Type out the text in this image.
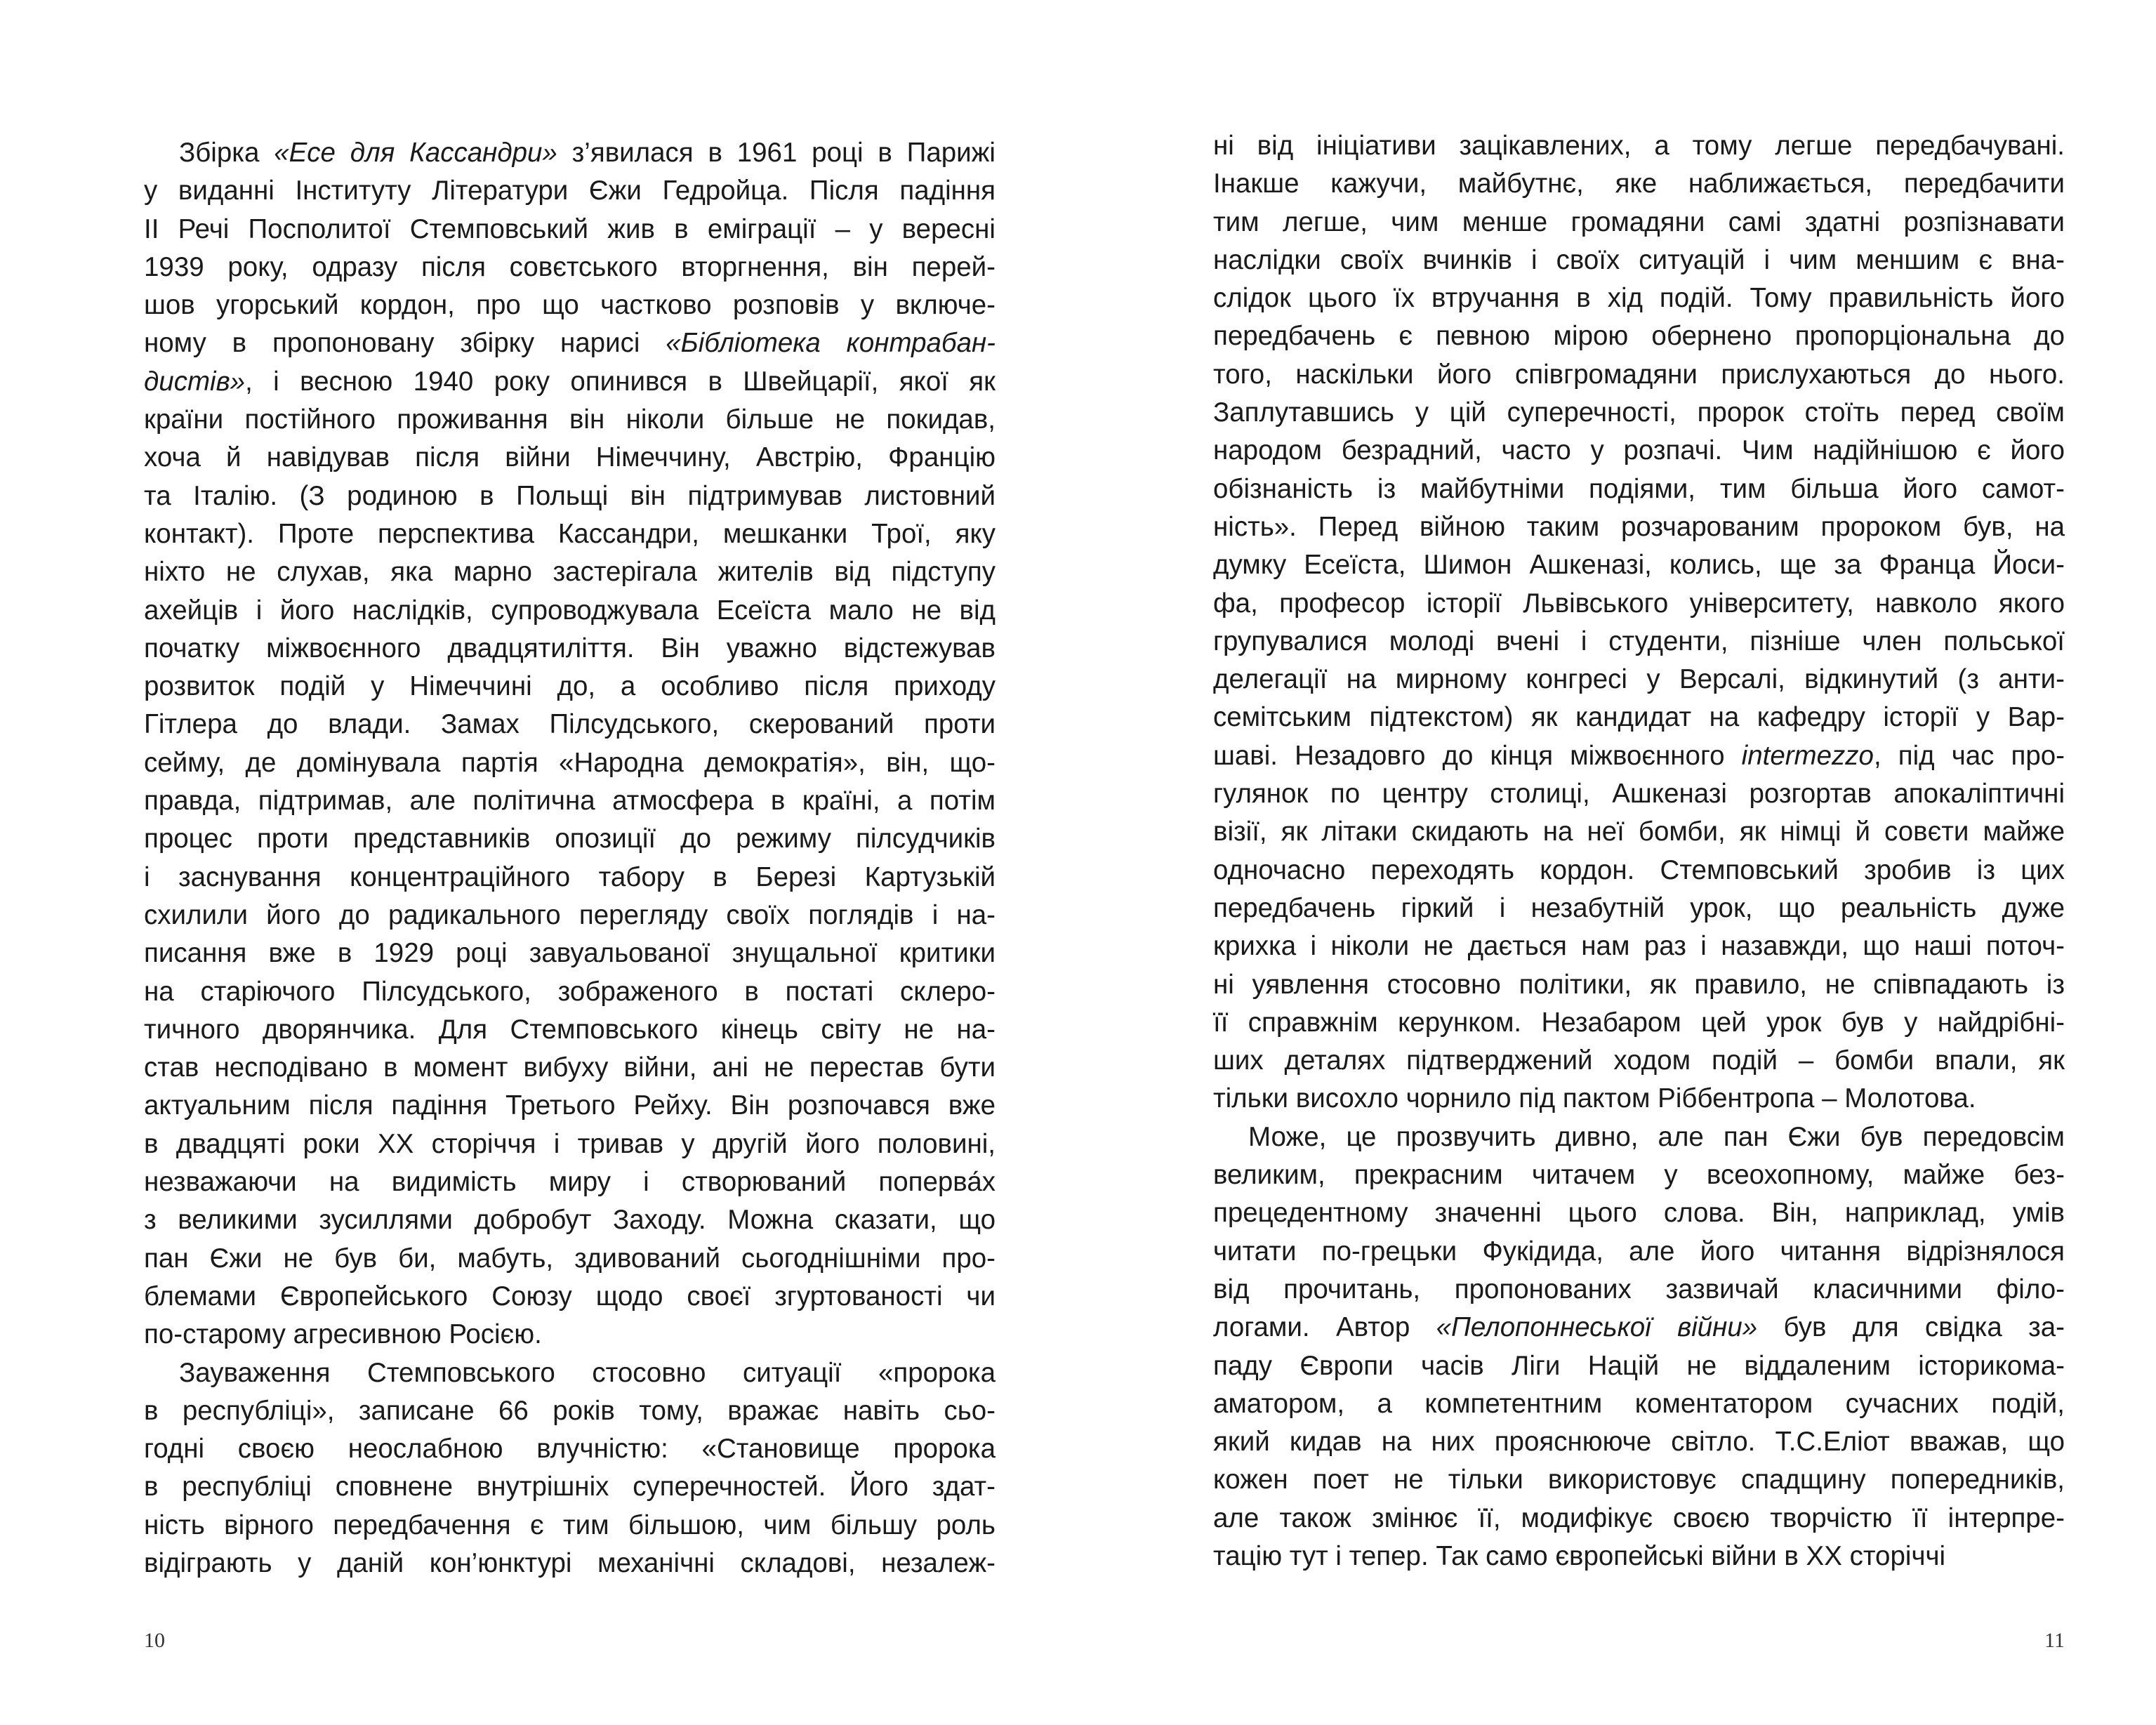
Збірка «Есе для Кассандри» з’явилася в 1961 році в Парижі
у виданні Інституту Літератури Єжи Гедройца. Після падіння
ІІ Речі Посполитої Стемповський жив в еміграції – у вересні
1939 року, одразу після совєтського вторгнення, він перей-
шов угорський кордон, про що частково розповів у включе-
ному в пропоновану збірку нарисі «Бібліотека контрабан-
дистів», і весною 1940 року опинився в Швейцарії, якої як
країни постійного проживання він ніколи більше не покидав,
хоча й навідував після війни Німеччину, Австрію, Францію
та Італію. (З родиною в Польщі він підтримував листовний
контакт). Проте перспектива Кассандри, мешканки Трої, яку
ніхто не слухав, яка марно застерігала жителів від підступу
ахейців і його наслідків, супроводжувала Есеїста мало не від
початку міжвоєнного двадцятиліття. Він уважно відстежував
розвиток подій у Німеччині до, а особливо після приходу
Гітлера до влади. Замах Пілсудського, скерований проти
сейму, де домінувала партія «Народна демократія», він, що-
правда, підтримав, але політична атмосфера в країні, а потім
процес проти представників опозиції до режиму пілсудчиків
і заснування концентраційного табору в Березі Картузькій
схилили його до радикального перегляду своїх поглядів і на-
писання вже в 1929 році завуальованої знущальної критики
на старіючого Пілсудського, зображеного в постаті склеро-
тичного дворянчика. Для Стемповського кінець світу не на-
став несподівано в момент вибуху війни, ані не перестав бути
актуальним після падіння Третього Рейху. Він розпочався вже
в двадцяті роки ХХ сторіччя і тривав у другій його половині,
незважаючи на видимість миру і створюваний поперва́х
з великими зусиллями добробут Заходу. Можна сказати, що
пан Єжи не був би, мабуть, здивований сьогоднішніми про-
блемами Європейського Союзу щодо своєї згуртованості чи
по-старому агресивною Росією.
Зауваження Стемповського стосовно ситуації «пророка
в республіці», записане 66 років тому, вражає навіть сьо-
годні своєю неослабною влучністю: «Становище пророка
в республіці сповнене внутрішніх суперечностей. Його здат-
ність вірного передбачення є тим більшою, чим більшу роль
відіграють у даній кон’юнктурі механічні складові, незалеж-
10
ні від ініціативи зацікавлених, а тому легше передбачувані.
Інакше кажучи, майбутнє, яке наближається, передбачити
тим легше, чим менше громадяни самі здатні розпізнавати
наслідки своїх вчинків і своїх ситуацій і чим меншим є вна-
слідок цього їх втручання в хід подій. Тому правильність його
передбачень є певною мірою обернено пропорціональна до
того, наскільки його співгромадяни прислухаються до нього.
Заплутавшись у цій суперечності, пророк стоїть перед своїм
народом безрадний, часто у розпачі. Чим надійнішою є його
обізнаність із майбутніми подіями, тим більша його самот-
ність». Перед війною таким розчарованим пророком був, на
думку Есеїста, Шимон Ашкеназі, колись, ще за Франца Йоси-
фа, професор історії Львівського університету, навколо якого
групувалися молоді вчені і студенти, пізніше член польської
делегації на мирному конгресі у Версалі, відкинутий (з анти-
семітським підтекстом) як кандидат на кафедру історії у Вар-
шаві. Незадовго до кінця міжвоєнного intermezzo, під час про-
гулянок по центру столиці, Ашкеназі розгортав апокаліптичні
візії, як літаки скидають на неї бомби, як німці й совєти майже
одночасно переходять кордон. Стемповський зробив із цих
передбачень гіркий і незабутній урок, що реальність дуже
крихка і ніколи не дається нам раз і назавжди, що наші поточ-
ні уявлення стосовно політики, як правило, не співпадають із
її справжнім керунком. Незабаром цей урок був у найдрібні-
ших деталях підтверджений ходом подій – бомби впали, як
тільки висохло чорнило під пактом Ріббентропа – Молотова.
Може, це прозвучить дивно, але пан Єжи був передовсім
великим, прекрасним читачем у всеохопному, майже без-
прецедентному значенні цього слова. Він, наприклад, умів
читати по-грецьки Фукідида, але його читання відрізнялося
від прочитань, пропонованих зазвичай класичними філо-
логами. Автор «Пелопоннеської війни» був для свідка за-
паду Європи часів Ліги Націй не віддаленим історикома-
аматором, а компетентним коментатором сучасних подій,
який кидав на них прояснююче світло. Т.С.Еліот вважав, що
кожен поет не тільки використовує спадщину попередників,
але також змінює її, модифікує своєю творчістю її інтерпре-
тацію тут і тепер. Так само європейські війни в ХХ сторіччі
11
